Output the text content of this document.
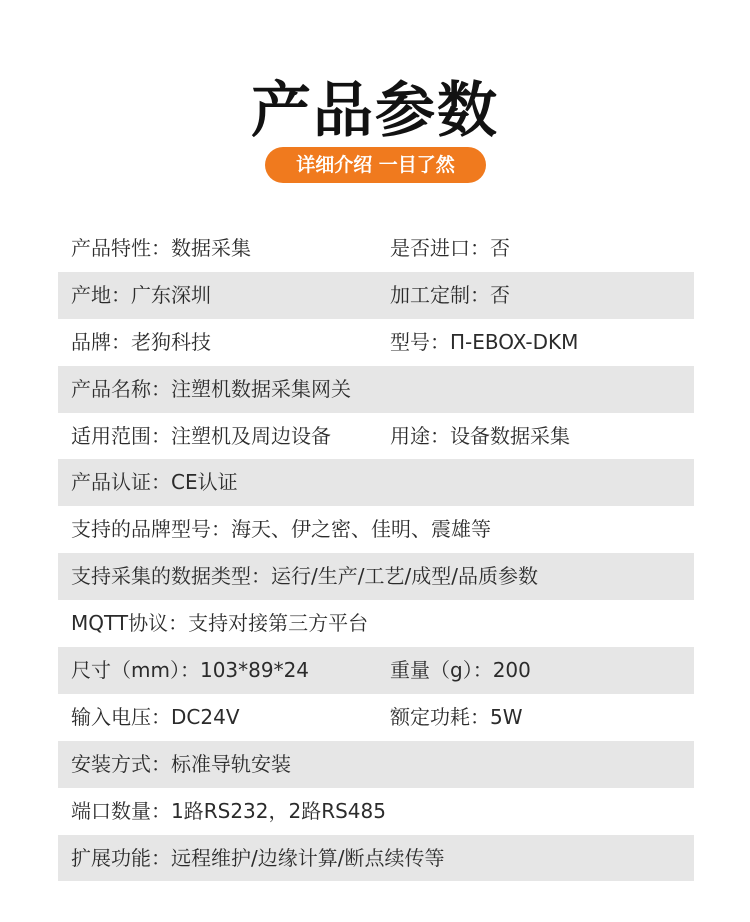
产品参数
详细介绍 一目了然
产品特性：数据采集	是否进口：否
产地：广东深圳	加工定制：否
品牌：老狗科技	型号：Π-EBOX-DKM
产品名称：注塑机数据采集网关
适用范围：注塑机及周边设备	用途：设备数据采集
产品认证：CE认证
支持的品牌型号：海天、伊之密、佳明、震雄等
支持采集的数据类型：运行/生产/工艺/成型/品质参数
MQTT协议：支持对接第三方平台
尺寸（mm）：103*89*24	重量（g）：200
输入电压：DC24V	额定功耗：5W
安装方式：标准导轨安装
端口数量：1路RS232，2路RS485
扩展功能：远程维护/边缘计算/断点续传等
